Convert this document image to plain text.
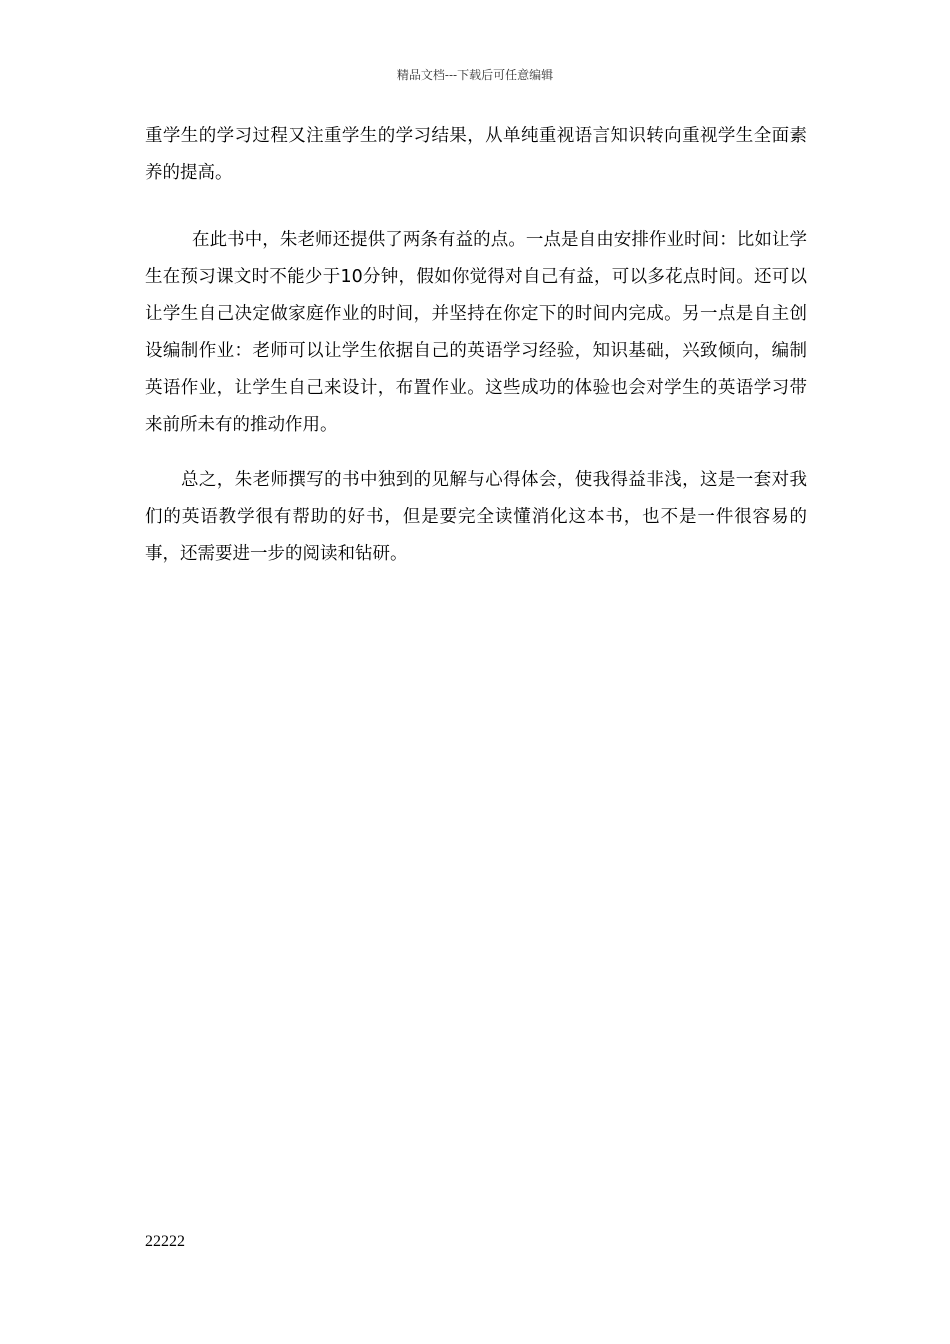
精品文档---下载后可任意编辑

重学生的学习过程又注重学生的学习结果，从单纯重视语言知识转向重视学生全面素养的提高。

在此书中，朱老师还提供了两条有益的点。一点是自由安排作业时间：比如让学生在预习课文时不能少于10分钟，假如你觉得对自己有益，可以多花点时间。还可以让学生自己决定做家庭作业的时间，并坚持在你定下的时间内完成。另一点是自主创设编制作业：老师可以让学生依据自己的英语学习经验，知识基础，兴致倾向，编制英语作业，让学生自己来设计，布置作业。这些成功的体验也会对学生的英语学习带来前所未有的推动作用。

总之，朱老师撰写的书中独到的见解与心得体会，使我得益非浅，这是一套对我们的英语教学很有帮助的好书，但是要完全读懂消化这本书，也不是一件很容易的事，还需要进一步的阅读和钻研。

22222
